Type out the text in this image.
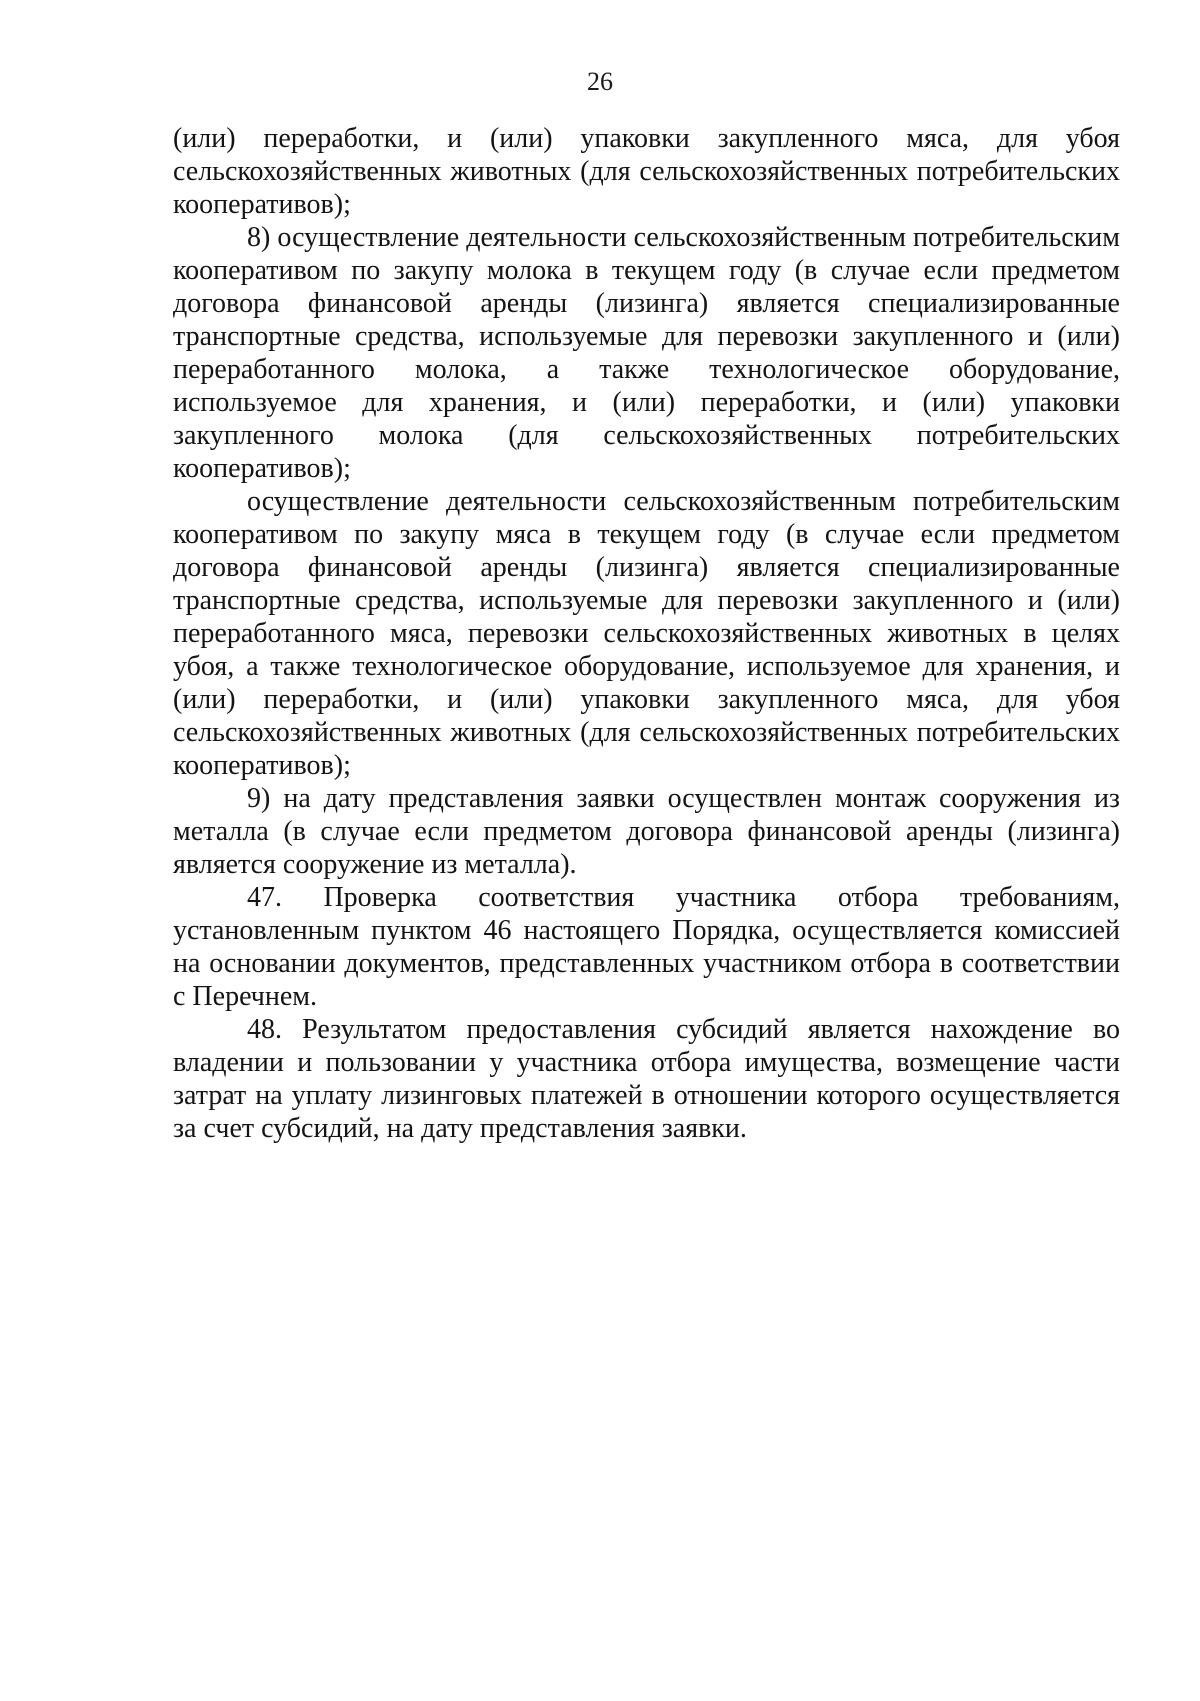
26

(или) переработки, и (или) упаковки закупленного мяса, для убоя сельскохозяйственных животных (для сельскохозяйственных потребительских кооперативов);

8) осуществление деятельности сельскохозяйственным потребительским кооперативом по закупу молока в текущем году (в случае если предметом договора финансовой аренды (лизинга) является специализированные транспортные средства, используемые для перевозки закупленного и (или) переработанного молока, а также технологическое оборудование, используемое для хранения, и (или) переработки, и (или) упаковки закупленного молока (для сельскохозяйственных потребительских кооперативов);

осуществление деятельности сельскохозяйственным потребительским кооперативом по закупу мяса в текущем году (в случае если предметом договора финансовой аренды (лизинга) является специализированные транспортные средства, используемые для перевозки закупленного и (или) переработанного мяса, перевозки сельскохозяйственных животных в целях убоя, а также технологическое оборудование, используемое для хранения, и (или) переработки, и (или) упаковки закупленного мяса, для убоя сельскохозяйственных животных (для сельскохозяйственных потребительских кооперативов);

9) на дату представления заявки осуществлен монтаж сооружения из металла (в случае если предметом договора финансовой аренды (лизинга) является сооружение из металла).

47. Проверка соответствия участника отбора требованиям, установленным пунктом 46 настоящего Порядка, осуществляется комиссией на основании документов, представленных участником отбора в соответствии с Перечнем.

48. Результатом предоставления субсидий является нахождение во владении и пользовании у участника отбора имущества, возмещение части затрат на уплату лизинговых платежей в отношении которого осуществляется за счет субсидий, на дату представления заявки.
